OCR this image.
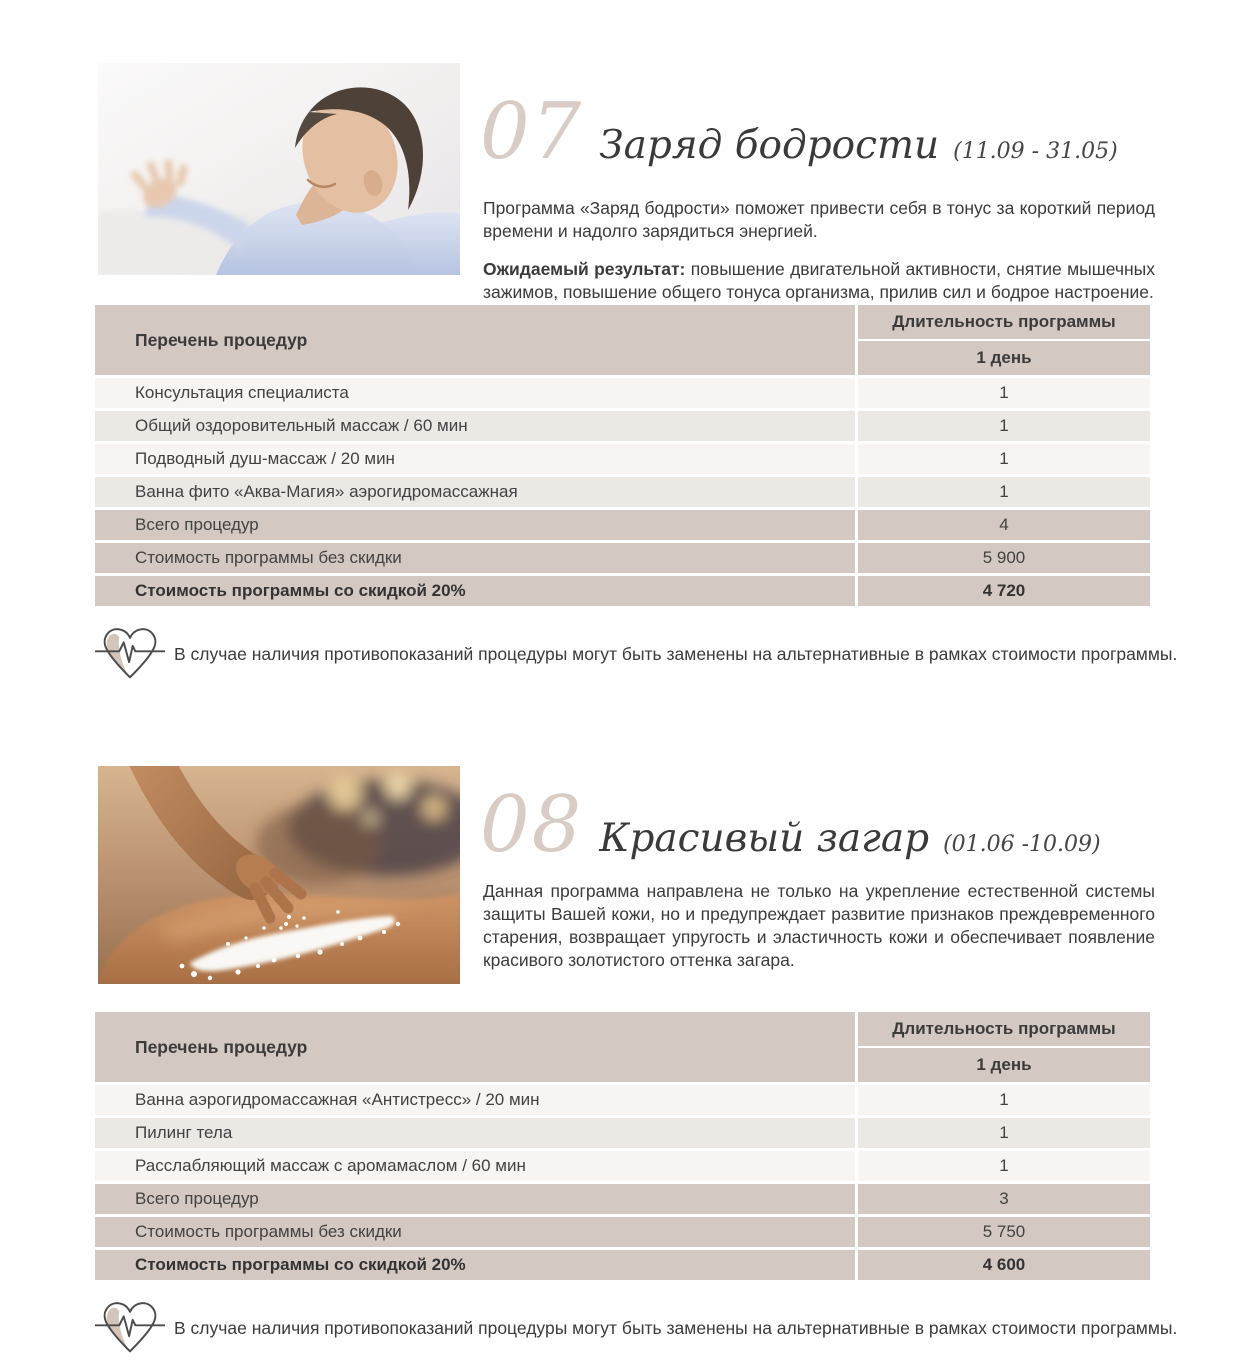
07 Заряд бодрости (11.09 - 31.05)

Программа «Заряд бодрости» поможет привести себя в тонус за короткий период времени и надолго зарядиться энергией.

Ожидаемый результат: повышение двигательной активности, снятие мышечных зажимов, повышение общего тонуса организма, прилив сил и бодрое настроение.

Перечень процедур
Длительность программы
1 день
Консультация специалиста	1
Общий оздоровительный массаж / 60 мин	1
Подводный душ-массаж / 20 мин	1
Ванна фито «Аква-Магия» аэрогидромассажная	1
Всего процедур	4
Стоимость программы без скидки	5 900
Стоимость программы со скидкой 20%	4 720
В случае наличия противопоказаний процедуры могут быть заменены на альтернативные в рамках стоимости программы.
08 Красивый загар (01.06 -10.09)

Данная программа направлена не только на укрепление естественной системы защиты Вашей кожи, но и предупреждает развитие признаков преждевременного старения, возвращает упругость и эластичность кожи и обеспечивает появление красивого золотистого оттенка загара.

Перечень процедур
Длительность программы
1 день
Ванна аэрогидромассажная «Антистресс» / 20 мин	1
Пилинг тела	1
Расслабляющий массаж с аромамаслом / 60 мин	1
Всего процедур	3
Стоимость программы без скидки	5 750
Стоимость программы со скидкой 20%	4 600
В случае наличия противопоказаний процедуры могут быть заменены на альтернативные в рамках стоимости программы.
